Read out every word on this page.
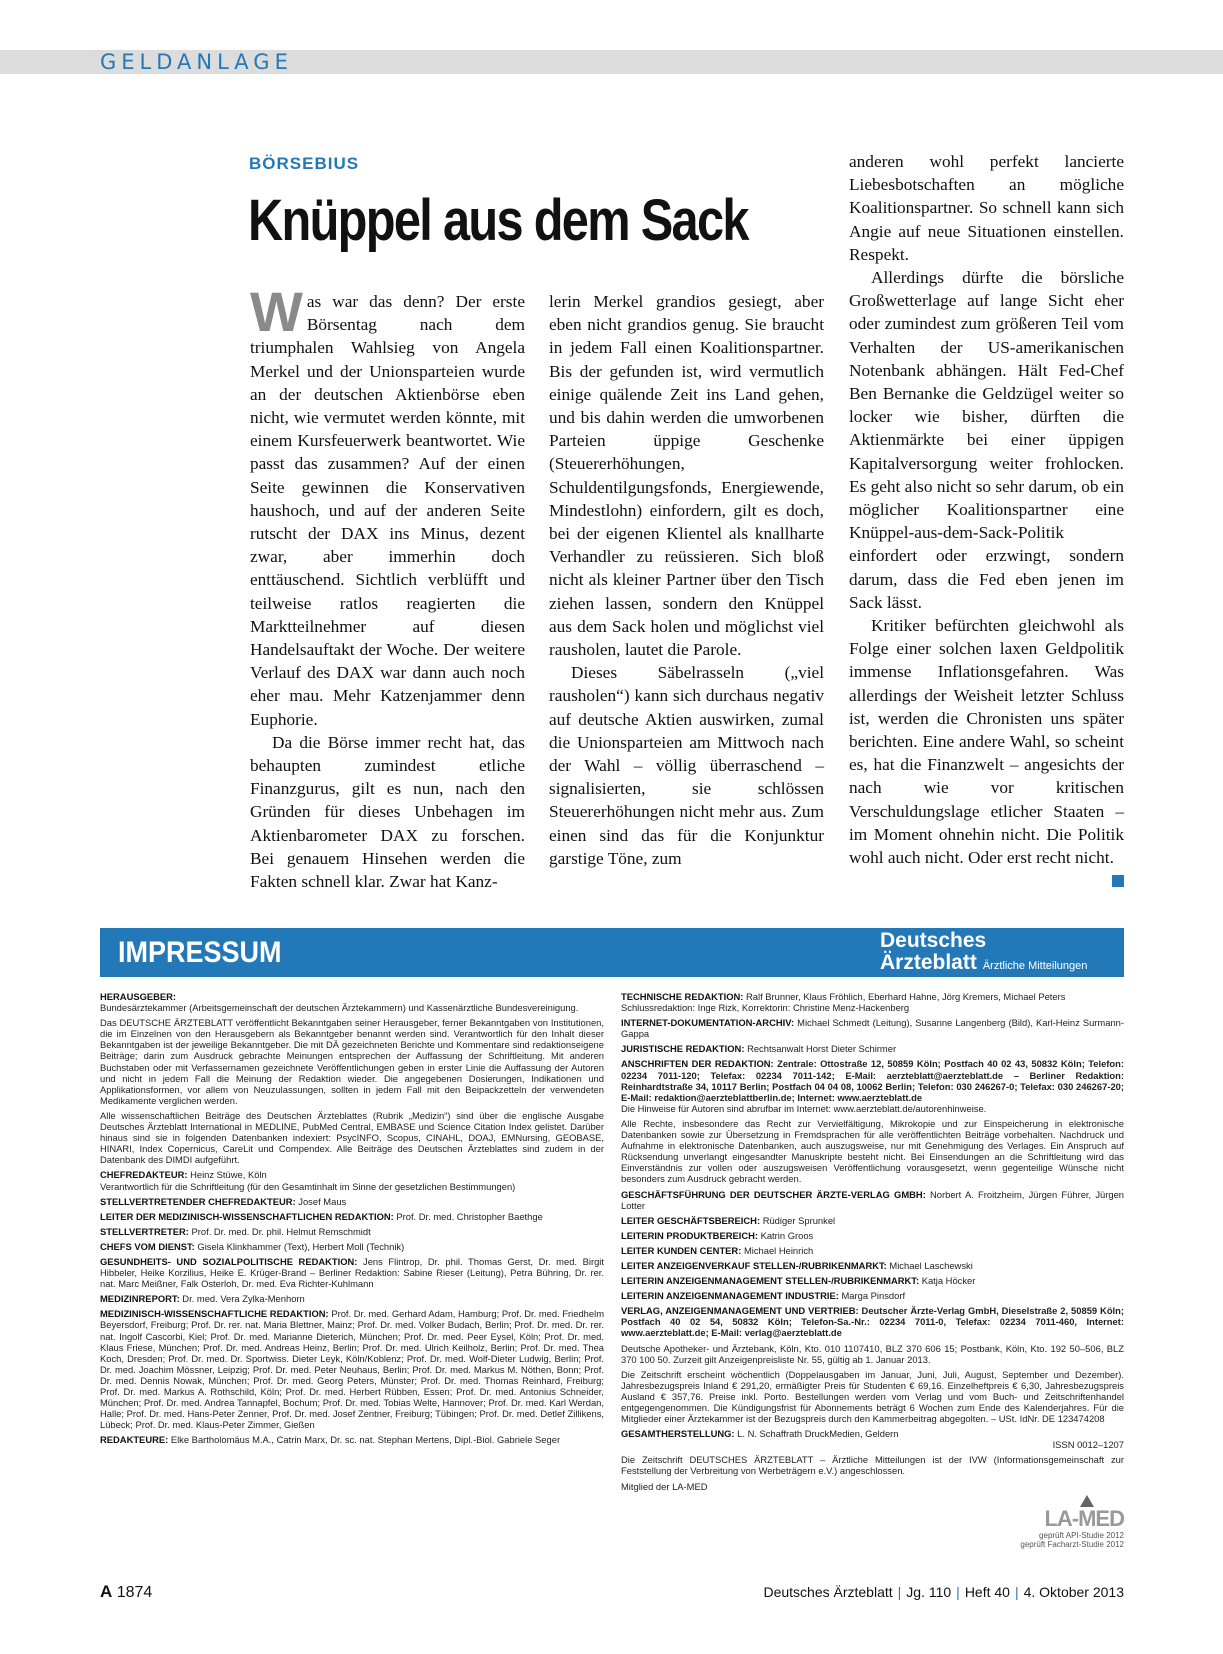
GELDANLAGE
BÖRSEBIUS
Knüppel aus dem Sack

Was war das denn? Der erste Börsentag nach dem triumphalen Wahlsieg von Angela Merkel und der Unionsparteien wurde an der deutschen Aktienbörse eben nicht, wie vermutet werden könnte, mit einem Kursfeuerwerk beantwortet. Wie passt das zusammen? Auf der einen Seite gewinnen die Konservativen haushoch, und auf der anderen Seite rutscht der DAX ins Minus, dezent zwar, aber immerhin doch enttäuschend. Sichtlich verblüfft und teilweise ratlos reagierten die Marktteilnehmer auf diesen Handelsauftakt der Woche. Der weitere Verlauf des DAX war dann auch noch eher mau. Mehr Katzenjammer denn Euphorie.

Da die Börse immer recht hat, das behaupten zumindest etliche Finanzgurus, gilt es nun, nach den Gründen für dieses Unbehagen im Aktienbarometer DAX zu forschen. Bei genauem Hinsehen werden die Fakten schnell klar. Zwar hat Kanz-

lerin Merkel grandios gesiegt, aber eben nicht grandios genug. Sie braucht in jedem Fall einen Koalitionspartner. Bis der gefunden ist, wird vermutlich einige quälende Zeit ins Land gehen, und bis dahin werden die umworbenen Parteien üppige Geschenke (Steuererhöhungen, Schuldentilgungsfonds, Energiewende, Mindestlohn) einfordern, gilt es doch, bei der eigenen Klientel als knallharte Verhandler zu reüssieren. Sich bloß nicht als kleiner Partner über den Tisch ziehen lassen, sondern den Knüppel aus dem Sack holen und möglichst viel rausholen, lautet die Parole.

Dieses Säbelrasseln („viel rausholen“) kann sich durchaus negativ auf deutsche Aktien auswirken, zumal die Unionsparteien am Mittwoch nach der Wahl – völlig überraschend – signalisierten, sie schlössen Steuererhöhungen nicht mehr aus. Zum einen sind das für die Konjunktur garstige Töne, zum

anderen wohl perfekt lancierte Liebesbotschaften an mögliche Koalitionspartner. So schnell kann sich Angie auf neue Situationen einstellen. Respekt.

Allerdings dürfte die börsliche Großwetterlage auf lange Sicht eher oder zumindest zum größeren Teil vom Verhalten der US-amerikanischen Notenbank abhängen. Hält Fed-Chef Ben Bernanke die Geldzügel weiter so locker wie bisher, dürften die Aktienmärkte bei einer üppigen Kapitalversorgung weiter frohlocken. Es geht also nicht so sehr darum, ob ein möglicher Koalitionspartner eine Knüppel-aus-dem-Sack-Politik einfordert oder erzwingt, sondern darum, dass die Fed eben jenen im Sack lässt.

Kritiker befürchten gleichwohl als Folge einer solchen laxen Geldpolitik immense Inflationsgefahren. Was allerdings der Weisheit letzter Schluss ist, werden die Chronisten uns später berichten. Eine andere Wahl, so scheint es, hat die Finanzwelt – angesichts der nach wie vor kritischen Verschuldungslage etlicher Staaten – im Moment ohnehin nicht. Die Politik wohl auch nicht. Oder erst recht nicht.

IMPRESSUM	Deutsches
Ärzteblatt Ärztliche Mitteilungen

HERAUSGEBER:
Bundesärztekammer (Arbeitsgemeinschaft der deutschen Ärztekammern) und Kassenärztliche Bundesvereinigung.

Das DEUTSCHE ÄRZTEBLATT veröffentlicht Bekanntgaben seiner Herausgeber, ferner Bekanntgaben von Institutionen, die im Einzelnen von den Herausgebern als Bekanntgeber benannt werden sind. Verantwortlich für den Inhalt dieser Bekanntgaben ist der jeweilige Bekanntgeber. Die mit DÄ gezeichneten Berichte und Kommentare sind redaktionseigene Beiträge; darin zum Ausdruck gebrachte Meinungen entsprechen der Auffassung der Schriftleitung. Mit anderen Buchstaben oder mit Verfassernamen gezeichnete Veröffentlichungen geben in erster Linie die Auffassung der Autoren und nicht in jedem Fall die Meinung der Redaktion wieder. Die angegebenen Dosierungen, Indikationen und Applikationsformen, vor allem von Neuzulassungen, sollten in jedem Fall mit den Beipackzetteln der verwendeten Medikamente verglichen werden.

Alle wissenschaftlichen Beiträge des Deutschen Ärzteblattes (Rubrik „Medizin“) sind über die englische Ausgabe Deutsches Ärzteblatt International in MEDLINE, PubMed Central, EMBASE und Science Citation Index gelistet. Darüber hinaus sind sie in folgenden Datenbanken indexiert: PsycINFO, Scopus, CINAHL, DOAJ, EMNursing, GEOBASE, HINARI, Index Copernicus, CareLit und Compendex. Alle Beiträge des Deutschen Ärzteblattes sind zudem in der Datenbank des DIMDI aufgeführt.

CHEFREDAKTEUR: Heinz Stüwe, Köln
Verantwortlich für die Schriftleitung (für den Gesamtinhalt im Sinne der gesetzlichen Bestimmungen)

STELLVERTRETENDER CHEFREDAKTEUR: Josef Maus

LEITER DER MEDIZINISCH-WISSENSCHAFTLICHEN REDAKTION: Prof. Dr. med. Christopher Baethge

STELLVERTRETER: Prof. Dr. med. Dr. phil. Helmut Remschmidt

CHEFS VOM DIENST: Gisela Klinkhammer (Text), Herbert Moll (Technik)

GESUNDHEITS- UND SOZIALPOLITISCHE REDAKTION: Jens Flintrop, Dr. phil. Thomas Gerst, Dr. med. Birgit Hibbeler, Heike Korzilius, Heike E. Krüger-Brand – Berliner Redaktion: Sabine Rieser (Leitung), Petra Bühring, Dr. rer. nat. Marc Meißner, Falk Osterloh, Dr. med. Eva Richter-Kuhlmann

MEDIZINREPORT: Dr. med. Vera Zylka-Menhorn

MEDIZINISCH-WISSENSCHAFTLICHE REDAKTION: Prof. Dr. med. Gerhard Adam, Hamburg; Prof. Dr. med. Friedhelm Beyersdorf, Freiburg; Prof. Dr. rer. nat. Maria Blettner, Mainz; Prof. Dr. med. Volker Budach, Berlin; Prof. Dr. med. Dr. rer. nat. Ingolf Cascorbi, Kiel; Prof. Dr. med. Marianne Dieterich, München; Prof. Dr. med. Peer Eysel, Köln; Prof. Dr. med. Klaus Friese, München; Prof. Dr. med. Andreas Heinz, Berlin; Prof. Dr. med. Ulrich Keilholz, Berlin; Prof. Dr. med. Thea Koch, Dresden; Prof. Dr. med. Dr. Sportwiss. Dieter Leyk, Köln/Koblenz; Prof. Dr. med. Wolf-Dieter Ludwig, Berlin; Prof. Dr. med. Joachim Mössner, Leipzig; Prof. Dr. med. Peter Neuhaus, Berlin; Prof. Dr. med. Markus M. Nöthen, Bonn; Prof. Dr. med. Dennis Nowak, München; Prof. Dr. med. Georg Peters, Münster; Prof. Dr. med. Thomas Reinhard, Freiburg; Prof. Dr. med. Markus A. Rothschild, Köln; Prof. Dr. med. Herbert Rübben, Essen; Prof. Dr. med. Antonius Schneider, München; Prof. Dr. med. Andrea Tannapfel, Bochum; Prof. Dr. med. Tobias Welte, Hannover; Prof. Dr. med. Karl Werdan, Halle; Prof. Dr. med. Hans-Peter Zenner, Prof. Dr. med. Josef Zentner, Freiburg; Tübingen; Prof. Dr. med. Detlef Zillikens, Lübeck; Prof. Dr. med. Klaus-Peter Zimmer, Gießen

REDAKTEURE: Elke Bartholomäus M.A., Catrin Marx, Dr. sc. nat. Stephan Mertens, Dipl.-Biol. Gabriele Seger

TECHNISCHE REDAKTION: Ralf Brunner, Klaus Fröhlich, Eberhard Hahne, Jörg Kremers, Michael Peters
Schlussredaktion: Inge Rizk, Korrektorin: Christine Menz-Hackenberg

INTERNET-DOKUMENTATION-ARCHIV: Michael Schmedt (Leitung), Susanne Langenberg (Bild), Karl-Heinz Surmann-Gappa

JURISTISCHE REDAKTION: Rechtsanwalt Horst Dieter Schirmer

ANSCHRIFTEN DER REDAKTION: Zentrale: Ottostraße 12, 50859 Köln; Postfach 40 02 43, 50832 Köln; Telefon: 02234 7011-120; Telefax: 02234 7011-142; E-Mail: aerzteblatt@aerzteblatt.de – Berliner Redaktion: Reinhardtstraße 34, 10117 Berlin; Postfach 04 04 08, 10062 Berlin; Telefon: 030 246267-0; Telefax: 030 246267-20; E-Mail: redaktion@aerzteblattberlin.de; Internet: www.aerzteblatt.de
Die Hinweise für Autoren sind abrufbar im Internet: www.aerzteblatt.de/autorenhinweise.

Alle Rechte, insbesondere das Recht zur Vervielfältigung, Mikrokopie und zur Einspeicherung in elektronische Datenbanken sowie zur Übersetzung in Fremdsprachen für alle veröffentlichten Beiträge vorbehalten. Nachdruck und Aufnahme in elektronische Datenbanken, auch auszugsweise, nur mit Genehmigung des Verlages. Ein Anspruch auf Rücksendung unverlangt eingesandter Manuskripte besteht nicht. Bei Einsendungen an die Schriftleitung wird das Einverständnis zur vollen oder auszugsweisen Veröffentlichung vorausgesetzt, wenn gegenteilige Wünsche nicht besonders zum Ausdruck gebracht werden.

GESCHÄFTSFÜHRUNG DER DEUTSCHER ÄRZTE-VERLAG GMBH: Norbert A. Froitzheim, Jürgen Führer, Jürgen Lotter

LEITER GESCHÄFTSBEREICH: Rüdiger Sprunkel

LEITERIN PRODUKTBEREICH: Katrin Groos

LEITER KUNDEN CENTER: Michael Heinrich

LEITER ANZEIGENVERKAUF STELLEN-/RUBRIKENMARKT: Michael Laschewski

LEITERIN ANZEIGENMANAGEMENT STELLEN-/RUBRIKENMARKT: Katja Höcker

LEITERIN ANZEIGENMANAGEMENT INDUSTRIE: Marga Pinsdorf

VERLAG, ANZEIGENMANAGEMENT UND VERTRIEB: Deutscher Ärzte-Verlag GmbH, Dieselstraße 2, 50859 Köln; Postfach 40 02 54, 50832 Köln; Telefon-Sa.-Nr.: 02234 7011-0, Telefax: 02234 7011-460, Internet: www.aerzteblatt.de; E-Mail: verlag@aerzteblatt.de

Deutsche Apotheker- und Ärztebank, Köln, Kto. 010 1107410, BLZ 370 606 15; Postbank, Köln, Kto. 192 50–506, BLZ 370 100 50. Zurzeit gilt Anzeigenpreisliste Nr. 55, gültig ab 1. Januar 2013.

Die Zeitschrift erscheint wöchentlich (Doppelausgaben im Januar, Juni, Juli, August, September und Dezember). Jahresbezugspreis Inland € 291,20, ermäßigter Preis für Studenten € 69,16. Einzelheftpreis € 6,30, Jahresbezugspreis Ausland € 357,76. Preise inkl. Porto. Bestellungen werden vom Verlag und vom Buch- und Zeitschriftenhandel entgegengenommen. Die Kündigungsfrist für Abonnements beträgt 6 Wochen zum Ende des Kalenderjahres. Für die Mitglieder einer Ärztekammer ist der Bezugspreis durch den Kammerbeitrag abgegolten. – USt. IdNr. DE 123474208

GESAMTHERSTELLUNG: L. N. Schaffrath DruckMedien, Geldern
ISSN 0012–1207

Die Zeitschrift DEUTSCHES ÄRZTEBLATT – Ärztliche Mitteilungen ist der IVW (Informationsgemeinschaft zur Feststellung der Verbreitung von Werbeträgern e.V.) angeschlossen.

Mitglied der LA-MED

LA-MED
geprüft API-Studie 2012
geprüft Facharzt-Studie 2012
A 1874	Deutsches Ärzteblatt | Jg. 110 | Heft 40 | 4. Oktober 2013
